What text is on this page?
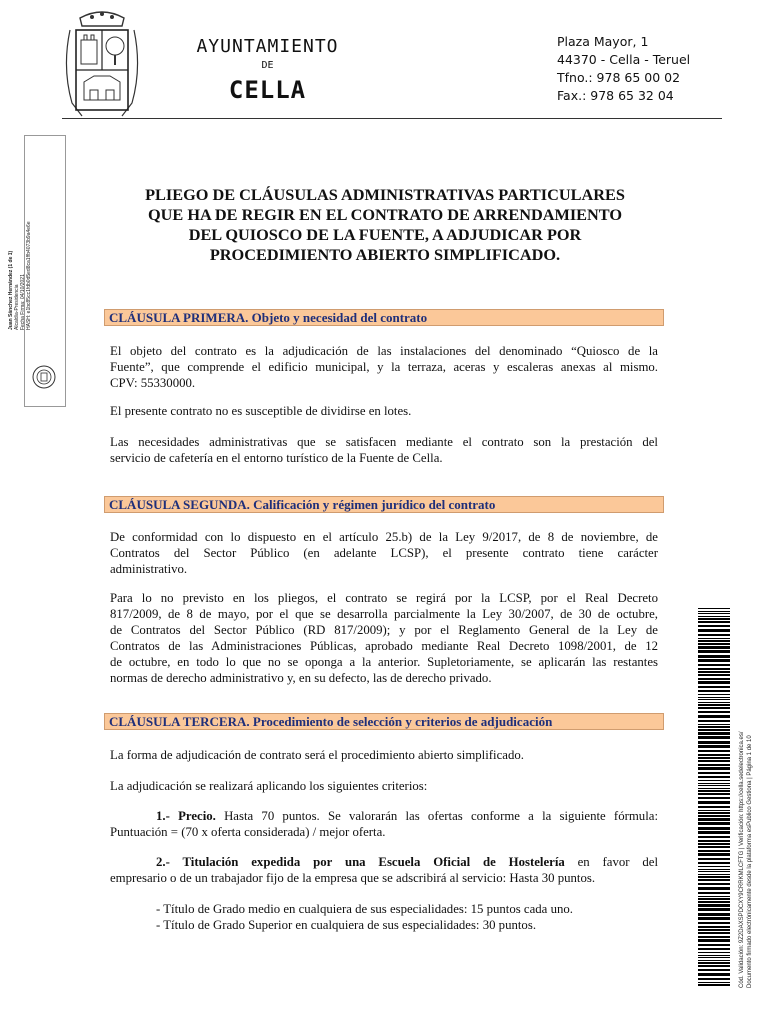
AYUNTAMIENTO
DE
CELLA
Plaza Mayor, 1
44370 - Cella - Teruel
Tfno.: 978 65 00 02
Fax.: 978 65 32 04
Juan Sánchez Hernández (1 de 1) Alcaldía-Presidencia Fecha Firma: 04/10/2021 HASH: e1bc85cc1fdb0d5ed8ca1ffb4073b9a4e6e
Cód. Validación: 9Z2DAXSPDCXY9CRRKMLCFTG | Verificación: https://cella.sedelectronica.es/ Documento firmado electrónicamente desde la plataforma esPublico Gestiona | Página 1 de 10
PLIEGO DE CLÁUSULAS ADMINISTRATIVAS PARTICULARES
QUE HA DE REGIR EN EL CONTRATO DE ARRENDAMIENTO
DEL QUIOSCO DE LA FUENTE, A ADJUDICAR POR
PROCEDIMIENTO ABIERTO SIMPLIFICADO.
CLÁUSULA PRIMERA. Objeto y necesidad del contrato
El objeto del contrato es la adjudicación de las instalaciones del denominado “Quiosco de la
Fuente”, que comprende el edificio municipal, y la terraza, aceras y escaleras anexas al mismo.
CPV: 55330000.
El presente contrato no es susceptible de dividirse en lotes.
Las necesidades administrativas que se satisfacen mediante el contrato son la prestación del
servicio de cafetería en el entorno turístico de la Fuente de Cella.
CLÁUSULA SEGUNDA. Calificación y régimen jurídico del contrato
De conformidad con lo dispuesto en el artículo 25.b) de la Ley 9/2017, de 8 de noviembre, de
Contratos del Sector Público (en adelante LCSP), el presente contrato tiene carácter
administrativo.
Para lo no previsto en los pliegos, el contrato se regirá por la LCSP, por el Real Decreto
817/2009, de 8 de mayo, por el que se desarrolla parcialmente la Ley 30/2007, de 30 de octubre,
de Contratos del Sector Público (RD 817/2009); y por el Reglamento General de la Ley de
Contratos de las Administraciones Públicas, aprobado mediante Real Decreto 1098/2001, de 12
de octubre, en todo lo que no se oponga a la anterior. Supletoriamente, se aplicarán las restantes
normas de derecho administrativo y, en su defecto, las de derecho privado.
CLÁUSULA TERCERA. Procedimiento de selección y criterios de adjudicación
La forma de adjudicación de contrato será el procedimiento abierto simplificado.
La adjudicación se realizará aplicando los siguientes criterios:
1.- Precio. Hasta 70 puntos. Se valorarán las ofertas conforme a la siguiente fórmula:
Puntuación = (70 x oferta considerada) / mejor oferta.
2.- Titulación expedida por una Escuela Oficial de Hostelería en favor del
empresario o de un trabajador fijo de la empresa que se adscribirá al servicio: Hasta 30 puntos.
- Título de Grado medio en cualquiera de sus especialidades: 15 puntos cada uno.
- Título de Grado Superior en cualquiera de sus especialidades: 30 puntos.
